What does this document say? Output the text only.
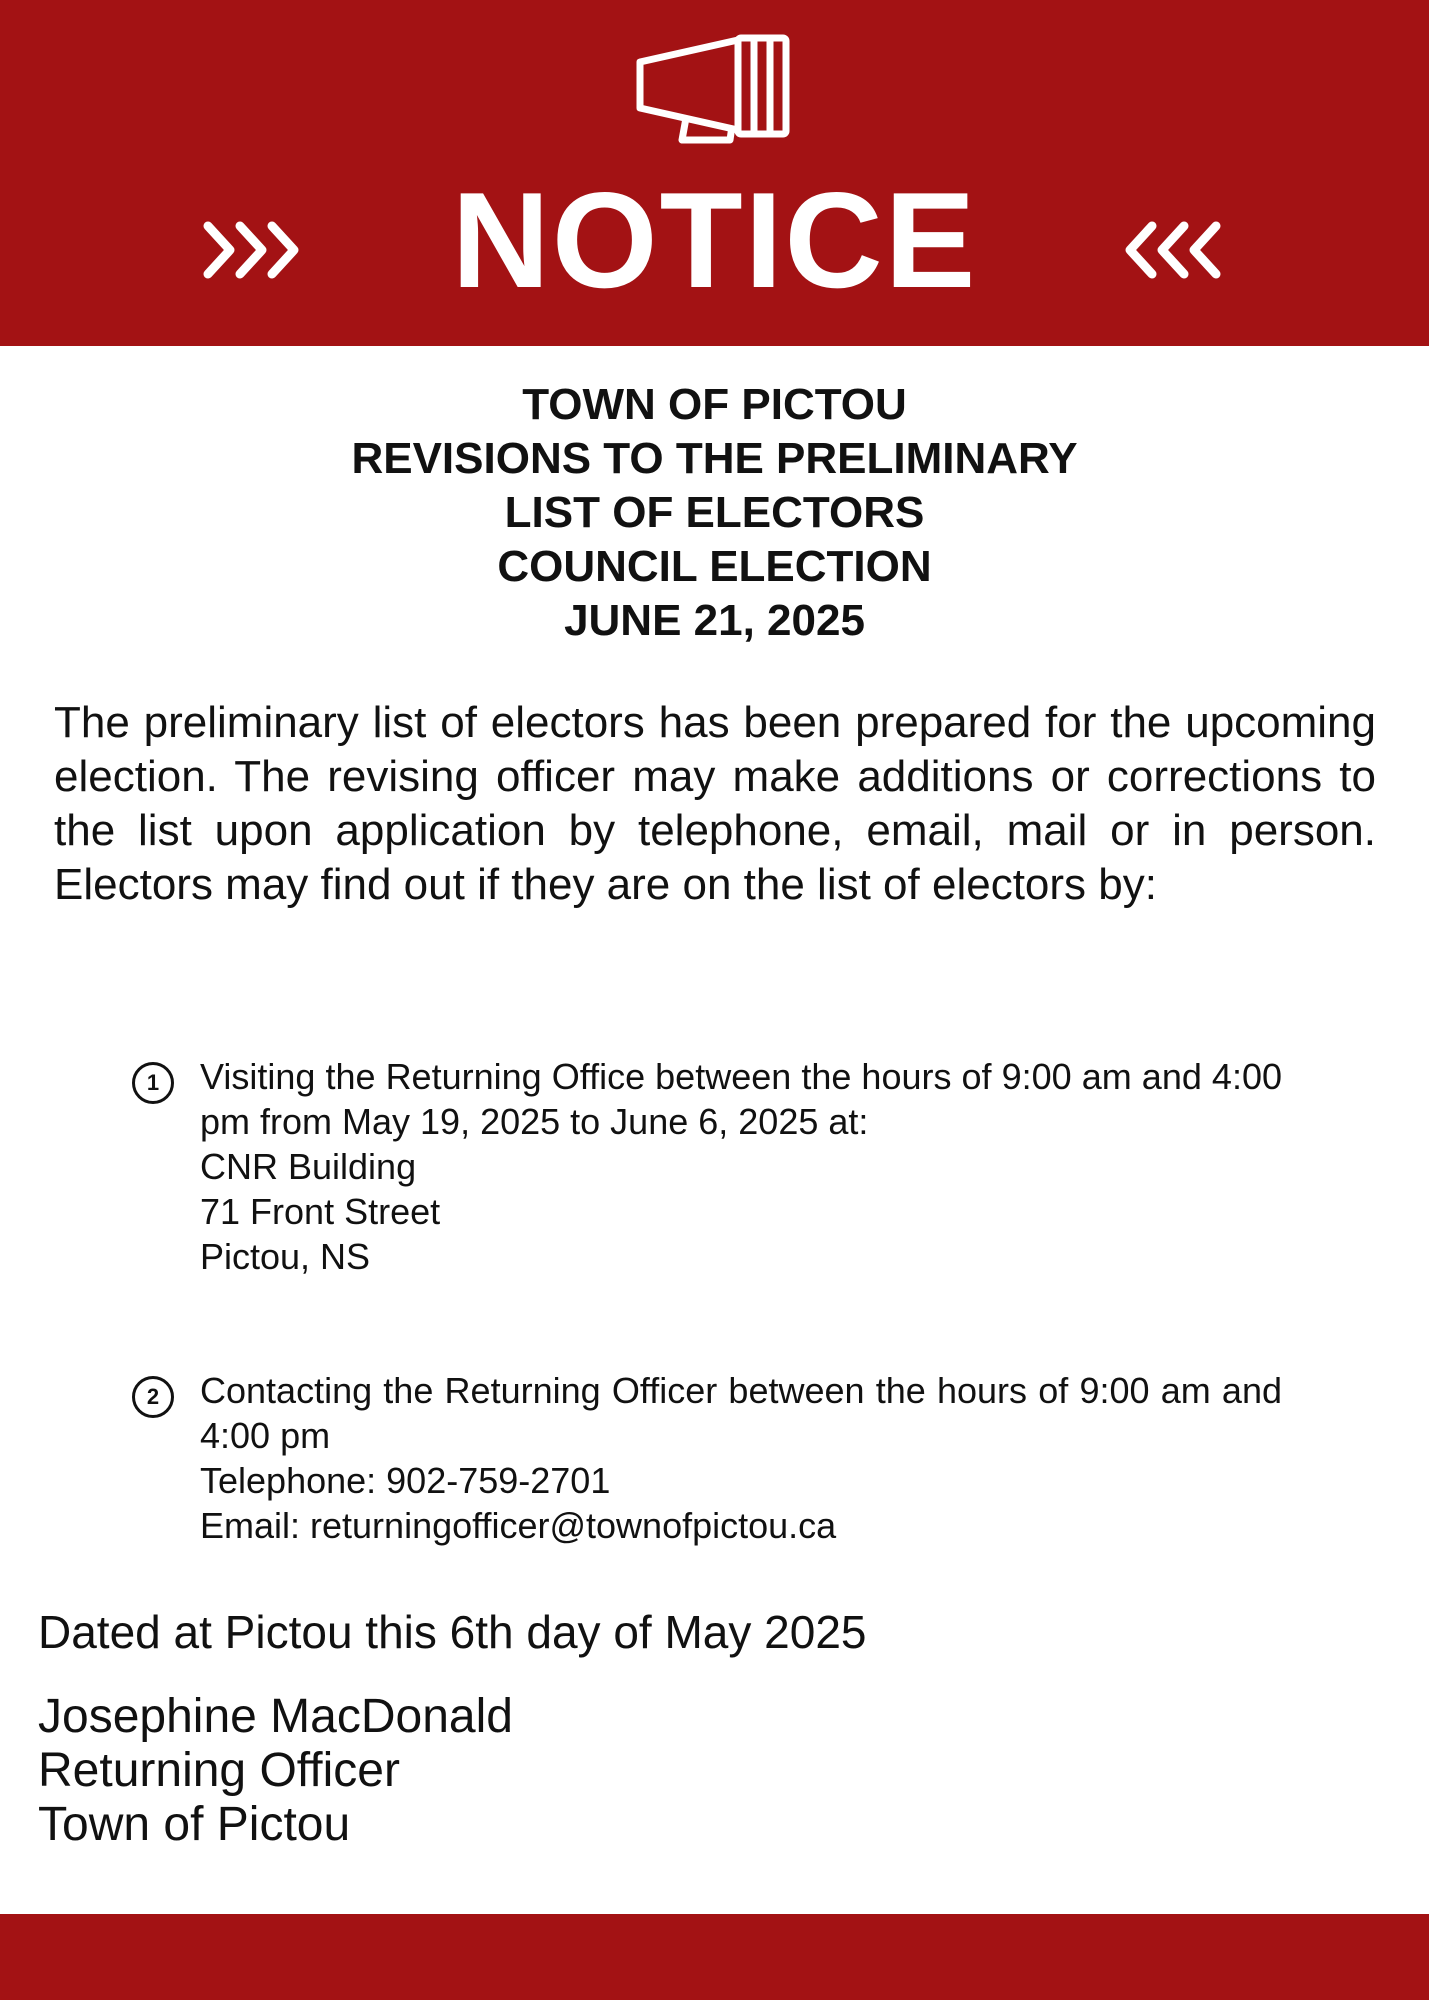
NOTICE
TOWN OF PICTOU
REVISIONS TO THE PRELIMINARY
LIST OF ELECTORS
COUNCIL ELECTION
JUNE 21, 2025
The preliminary list of electors has been prepared for the upcoming election. The revising officer may make additions or corrections to the list upon application by telephone, email, mail or in person. Electors may find out if they are on the list of electors by:
1	Visiting the Returning Office between the hours of 9:00 am and 4:00 pm from May 19, 2025 to June 6, 2025 at:
CNR Building
71 Front Street
Pictou, NS
2	Contacting the Returning Officer between the hours of 9:00 am and 4:00 pm
Telephone: 902-759-2701
Email: returningofficer@townofpictou.ca
Dated at Pictou this 6th day of May 2025
Josephine MacDonald
Returning Officer
Town of Pictou
